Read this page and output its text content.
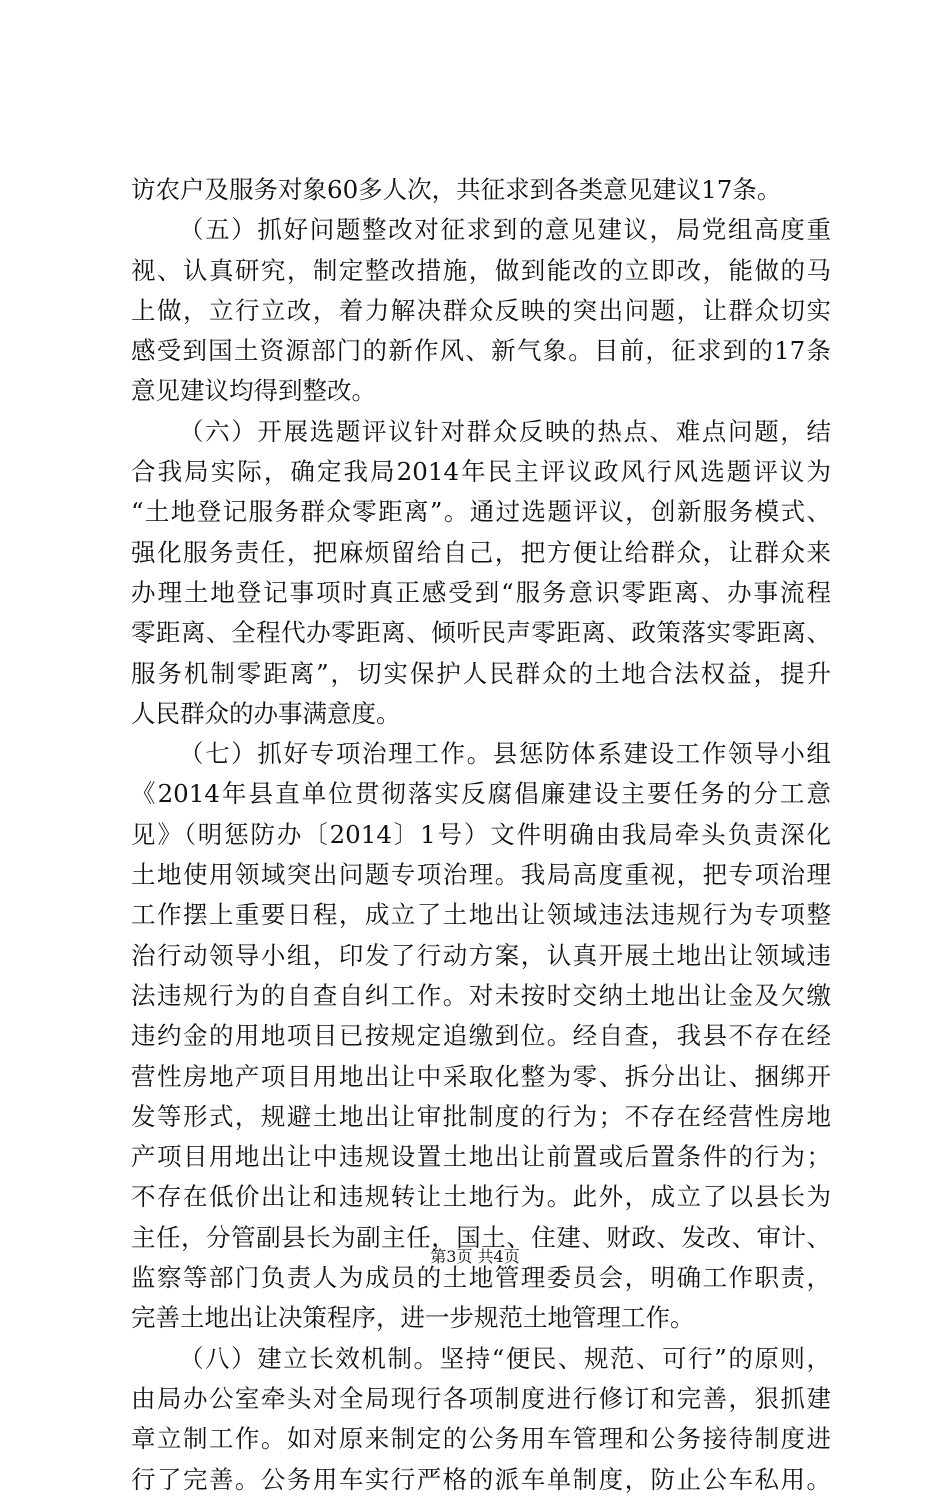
访农户及服务对象60多人次，共征求到各类意见建议17条。
（五）抓好问题整改对征求到的意见建议，局党组高度重
视、认真研究，制定整改措施，做到能改的立即改，能做的马
上做，立行立改，着力解决群众反映的突出问题，让群众切实
感受到国土资源部门的新作风、新气象。目前，征求到的17条
意见建议均得到整改。
（六）开展选题评议针对群众反映的热点、难点问题，结
合我局实际，确定我局2014年民主评议政风行风选题评议为
“土地登记服务群众零距离”。通过选题评议，创新服务模式、
强化服务责任，把麻烦留给自己，把方便让给群众，让群众来
办理土地登记事项时真正感受到“服务意识零距离、办事流程
零距离、全程代办零距离、倾听民声零距离、政策落实零距离、
服务机制零距离”，切实保护人民群众的土地合法权益，提升
人民群众的办事满意度。
（七）抓好专项治理工作。县惩防体系建设工作领导小组
《2014年县直单位贯彻落实反腐倡廉建设主要任务的分工意
见》（明惩防办〔2014〕1号）文件明确由我局牵头负责深化
土地使用领域突出问题专项治理。我局高度重视，把专项治理
工作摆上重要日程，成立了土地出让领域违法违规行为专项整
治行动领导小组，印发了行动方案，认真开展土地出让领域违
法违规行为的自查自纠工作。对未按时交纳土地出让金及欠缴
违约金的用地项目已按规定追缴到位。经自查，我县不存在经
营性房地产项目用地出让中采取化整为零、拆分出让、捆绑开
发等形式，规避土地出让审批制度的行为；不存在经营性房地
产项目用地出让中违规设置土地出让前置或后置条件的行为；
不存在低价出让和违规转让土地行为。此外，成立了以县长为
主任，分管副县长为副主任，国土、住建、财政、发改、审计、
监察等部门负责人为成员的土地管理委员会，明确工作职责，
完善土地出让决策程序，进一步规范土地管理工作。
（八）建立长效机制。坚持“便民、规范、可行”的原则，
由局办公室牵头对全局现行各项制度进行修订和完善，狠抓建
章立制工作。如对原来制定的公务用车管理和公务接待制度进
行了完善。公务用车实行严格的派车单制度，防止公车私用。
第3页 共4页
